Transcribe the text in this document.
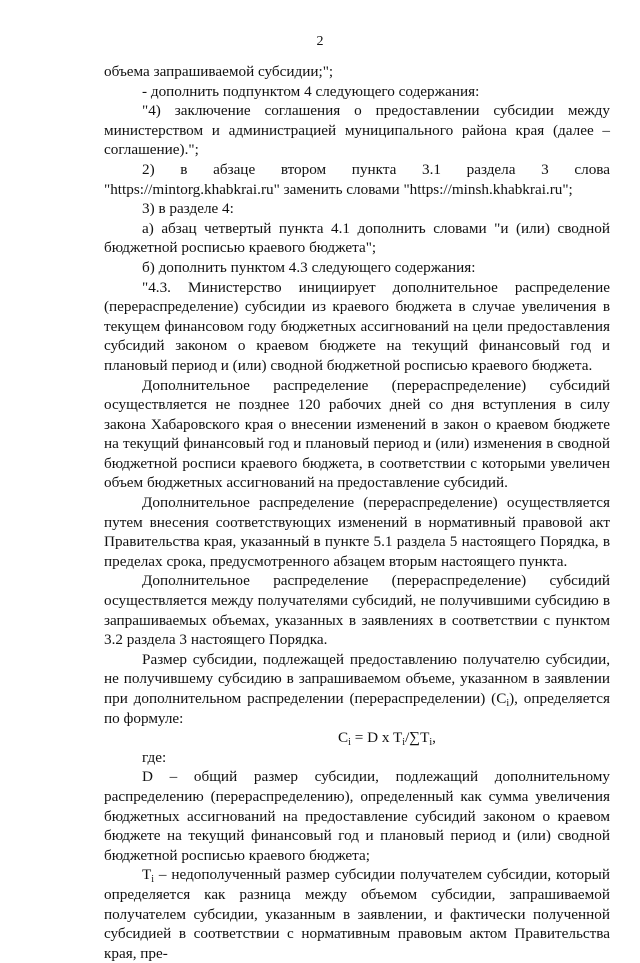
2

объема запрашиваемой субсидии;";

- дополнить подпунктом 4 следующего содержания:

"4) заключение соглашения о предоставлении субсидии между министерством и администрацией муниципального района края (далее – соглашение).";

2) в абзаце втором пункта 3.1 раздела 3 слова "https://mintorg.khabkrai.ru" заменить словами "https://minsh.khabkrai.ru";

3) в разделе 4:

а) абзац четвертый пункта 4.1 дополнить словами "и (или) сводной бюджетной росписью краевого бюджета";

б) дополнить пунктом 4.3 следующего содержания:

"4.3. Министерство инициирует дополнительное распределение (перераспределение) субсидии из краевого бюджета в случае увеличения в текущем финансовом году бюджетных ассигнований на цели предоставления субсидий законом о краевом бюджете на текущий финансовый год и плановый период и (или) сводной бюджетной росписью краевого бюджета.

Дополнительное распределение (перераспределение) субсидий осуществляется не позднее 120 рабочих дней со дня вступления в силу закона Хабаровского края о внесении изменений в закон о краевом бюджете на текущий финансовый год и плановый период и (или) изменения в сводной бюджетной росписи краевого бюджета, в соответствии с которыми увеличен объем бюджетных ассигнований на предоставление субсидий.

Дополнительное распределение (перераспределение) осуществляется путем внесения соответствующих изменений в нормативный правовой акт Правительства края, указанный в пункте 5.1 раздела 5 настоящего Порядка, в пределах срока, предусмотренного абзацем вторым настоящего пункта.

Дополнительное распределение (перераспределение) субсидий осуществляется между получателями субсидий, не получившими субсидию в запрашиваемых объемах, указанных в заявлениях в соответствии с пунктом 3.2 раздела 3 настоящего Порядка.

Размер субсидии, подлежащей предоставлению получателю субсидии, не получившему субсидию в запрашиваемом объеме, указанном в заявлении при дополнительном распределении (перераспределении) $(C_i)$, определяется по формуле:

$C_i = D$ x $T_i/\sum T_i$,

где:

D – общий размер субсидии, подлежащий дополнительному распределению (перераспределению), определенный как сумма увеличения бюджетных ассигнований на предоставление субсидий законом о краевом бюджете на текущий финансовый год и плановый период и (или) сводной бюджетной росписью краевого бюджета;

$T_i$ – недополученный размер субсидии получателем субсидии, который определяется как разница между объемом субсидии, запрашиваемой получателем субсидии, указанным в заявлении, и фактически полученной субсидией в соответствии с нормативным правовым актом Правительства края, пре-
